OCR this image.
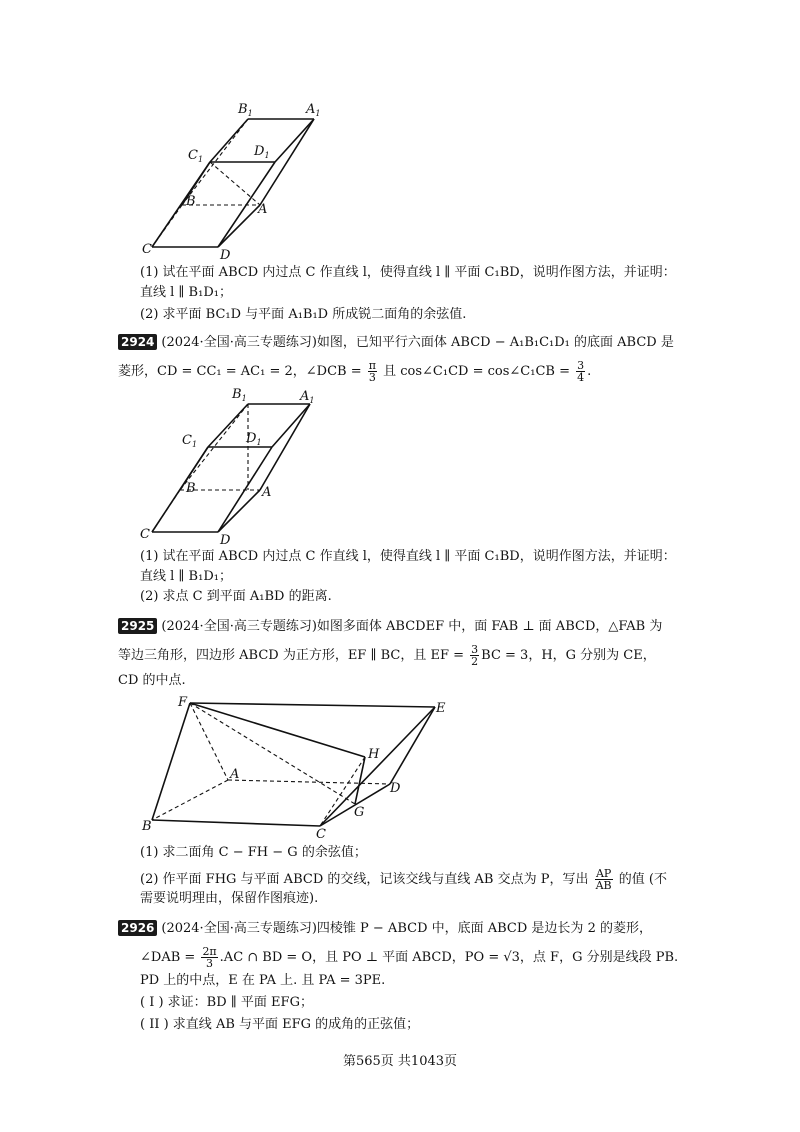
$B_1$	$A_1$
$C_1$
$D_1$
B
A
C	D
(1) 试在平面 ABCD 内过点 C 作直线 l，使得直线 l ∥ 平面 C₁BD，说明作图方法，并证明：
直线 l ∥ B₁D₁；
(2) 求平面 BC₁D 与平面 A₁B₁D 所成锐二面角的余弦值.
2924 (2024·全国·高三专题练习)如图，已知平行六面体 ABCD − A₁B₁C₁D₁ 的底面 ABCD 是
菱形，CD = CC₁ = AC₁ = 2，∠DCB = $\frac{\pi}{3}$ 且 cos∠C₁CD = cos∠C₁CB = $\frac{3}{4}$ .
$B_1$	$A_1$
$C_1$	$D_1$
B	A
C	D
(1) 试在平面 ABCD 内过点 C 作直线 l，使得直线 l ∥ 平面 C₁BD，说明作图方法，并证明：
直线 l ∥ B₁D₁；
(2) 求点 C 到平面 A₁BD 的距离.
2925 (2024·全国·高三专题练习)如图多面体 ABCDEF 中，面 FAB ⊥ 面 ABCD，△FAB 为
等边三角形，四边形 ABCD 为正方形，EF ∥ BC，且 EF = $\frac{3}{2}$ BC = 3，H，G 分别为 CE，
CD 的中点.
F	E
H
A
D
G
B
C
(1) 求二面角 C − FH − G 的余弦值；
(2) 作平面 FHG 与平面 ABCD 的交线，记该交线与直线 AB 交点为 P，写出 $\frac{AP}{AB}$ 的值 (不
需要说明理由，保留作图痕迹).
2926 (2024·全国·高三专题练习)四棱锥 P − ABCD 中，底面 ABCD 是边长为 2 的菱形，
∠DAB = $\frac{2\pi}{3} .AC$ ∩ BD = O，且 PO ⊥ 平面 ABCD，PO = √3，点 F，G 分别是线段 PB.
PD 上的中点，E 在 PA 上. 且 PA = 3PE.
( I ) 求证：BD ∥ 平面 EFG；
( II ) 求直线 AB 与平面 EFG 的成角的正弦值；
第565页 共1043页
